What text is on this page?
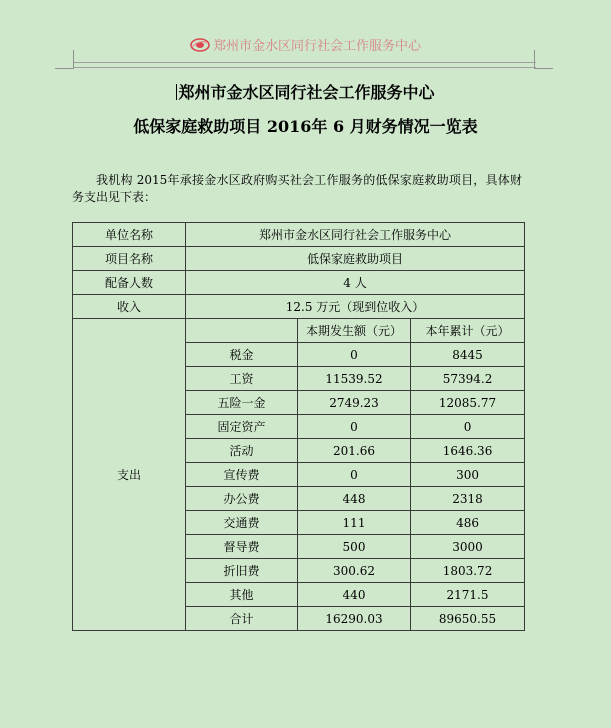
郑州市金水区同行社会工作服务中心
郑州市金水区同行社会工作服务中心
低保家庭救助项目 2016年 6 月财务情况一览表
我机构 2015年承接金水区政府购买社会工作服务的低保家庭救助项目，具体财务支出见下表：
单位名称	郑州市金水区同行社会工作服务中心		
项目名称	低保家庭救助项目		
配备人数	4 人		
收入	12.5 万元（现到位收入）		
支出		本期发生额（元）	本年累计（元）
	税金	0	8445
	工资	11539.52	57394.2
	五险一金	2749.23	12085.77
	固定资产	0	0
	活动	201.66	1646.36
	宣传费	0	300
	办公费	448	2318
	交通费	111	486
	督导费	500	3000
	折旧费	300.62	1803.72
	其他	440	2171.5
	合计	16290.03	89650.55
